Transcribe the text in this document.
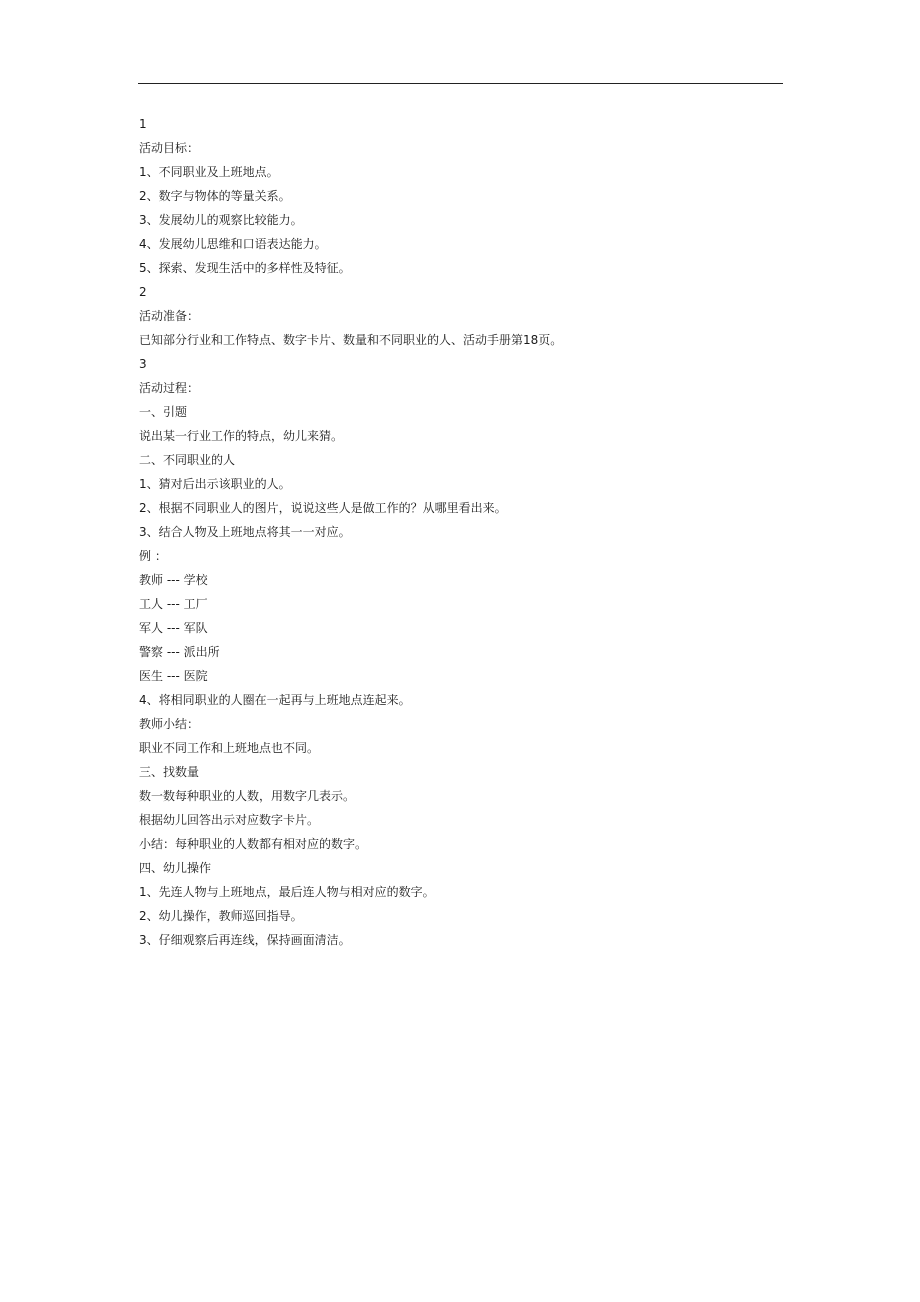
1
活动目标：
1、不同职业及上班地点。
2、数字与物体的等量关系。
3、发展幼儿的观察比较能力。
4、发展幼儿思维和口语表达能力。
5、探索、发现生活中的多样性及特征。
2
活动准备：
已知部分行业和工作特点、数字卡片、数量和不同职业的人、活动手册第18页。
3
活动过程：
一、引题
说出某一行业工作的特点，幼儿来猜。
二、不同职业的人
1、猜对后出示该职业的人。
2、根据不同职业人的图片，说说这些人是做工作的？从哪里看出来。
3、结合人物及上班地点将其一一对应。
例 ：
教师 --- 学校
工人 --- 工厂
军人 --- 军队
警察 --- 派出所
医生 --- 医院
4、将相同职业的人圈在一起再与上班地点连起来。
教师小结：
职业不同工作和上班地点也不同。
三、找数量
数一数每种职业的人数，用数字几表示。
根据幼儿回答出示对应数字卡片。
小结：每种职业的人数都有相对应的数字。
四、幼儿操作
1、先连人物与上班地点，最后连人物与相对应的数字。
2、幼儿操作，教师巡回指导。
3、仔细观察后再连线，保持画面清洁。
